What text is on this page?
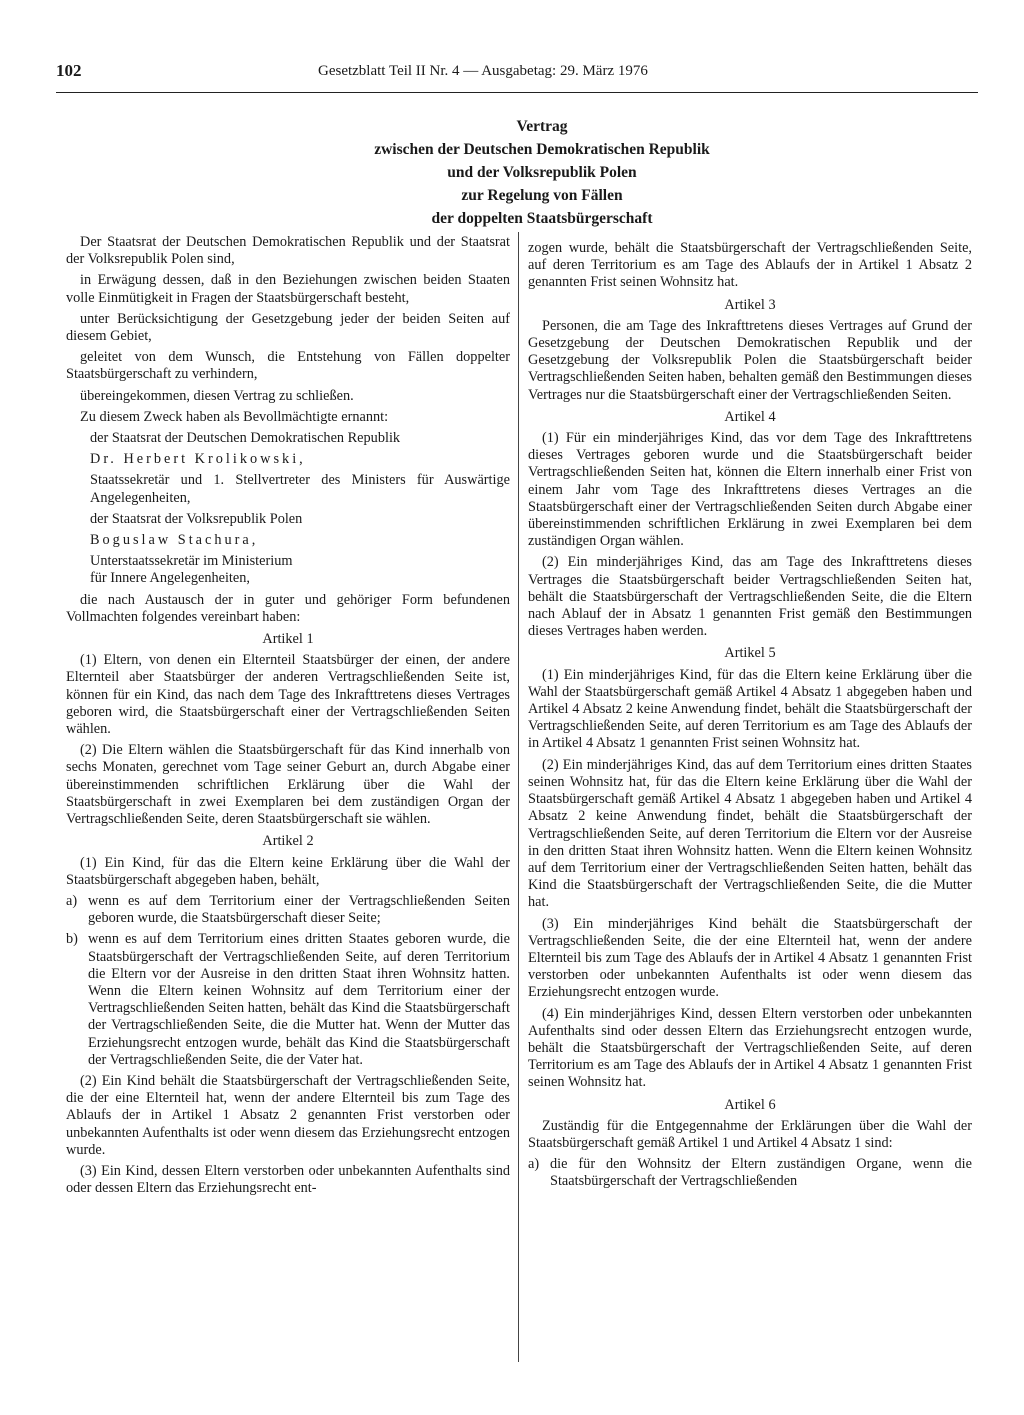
102	Gesetzblatt Teil II Nr. 4 — Ausgabetag: 29. März 1976

Vertrag
zwischen der Deutschen Demokratischen Republik
und der Volksrepublik Polen
zur Regelung von Fällen
der doppelten Staatsbürgerschaft

Der Staatsrat der Deutschen Demokratischen Republik und der Staatsrat der Volksrepublik Polen sind,

in Erwägung dessen, daß in den Beziehungen zwischen beiden Staaten volle Einmütigkeit in Fragen der Staatsbürgerschaft besteht,

unter Berücksichtigung der Gesetzgebung jeder der beiden Seiten auf diesem Gebiet,

geleitet von dem Wunsch, die Entstehung von Fällen doppelter Staatsbürgerschaft zu verhindern,

übereingekommen, diesen Vertrag zu schließen.

Zu diesem Zweck haben als Bevollmächtigte ernannt:

der Staatsrat der Deutschen Demokratischen Republik

Dr. Herbert Krolikowski,

Staatssekretär und 1. Stellvertreter des Ministers für Auswärtige Angelegenheiten,

der Staatsrat der Volksrepublik Polen

Boguslaw Stachura,

Unterstaatssekretär im Ministerium

für Innere Angelegenheiten,

die nach Austausch der in guter und gehöriger Form befundenen Vollmachten folgendes vereinbart haben:

Artikel 1

(1) Eltern, von denen ein Elternteil Staatsbürger der einen, der andere Elternteil aber Staatsbürger der anderen Vertragschließenden Seite ist, können für ein Kind, das nach dem Tage des Inkrafttretens dieses Vertrages geboren wird, die Staatsbürgerschaft einer der Vertragschließenden Seiten wählen.

(2) Die Eltern wählen die Staatsbürgerschaft für das Kind innerhalb von sechs Monaten, gerechnet vom Tage seiner Geburt an, durch Abgabe einer übereinstimmenden schriftlichen Erklärung über die Wahl der Staatsbürgerschaft in zwei Exemplaren bei dem zuständigen Organ der Vertragschließenden Seite, deren Staatsbürgerschaft sie wählen.

Artikel 2

(1) Ein Kind, für das die Eltern keine Erklärung über die Wahl der Staatsbürgerschaft abgegeben haben, behält,

a) wenn es auf dem Territorium einer der Vertragschließenden Seiten geboren wurde, die Staatsbürgerschaft dieser Seite;
b) wenn es auf dem Territorium eines dritten Staates geboren wurde, die Staatsbürgerschaft der Vertragschließenden Seite, auf deren Territorium die Eltern vor der Ausreise in den dritten Staat ihren Wohnsitz hatten. Wenn die Eltern keinen Wohnsitz auf dem Territorium einer der Vertragschließenden Seiten hatten, behält das Kind die Staatsbürgerschaft der Vertragschließenden Seite, die die Mutter hat. Wenn der Mutter das Erziehungsrecht entzogen wurde, behält das Kind die Staatsbürgerschaft der Vertragschließenden Seite, die der Vater hat.

(2) Ein Kind behält die Staatsbürgerschaft der Vertragschließenden Seite, die der eine Elternteil hat, wenn der andere Elternteil bis zum Tage des Ablaufs der in Artikel 1 Absatz 2 genannten Frist verstorben oder unbekannten Aufenthalts ist oder wenn diesem das Erziehungsrecht entzogen wurde.

(3) Ein Kind, dessen Eltern verstorben oder unbekannten Aufenthalts sind oder dessen Eltern das Erziehungsrecht ent-

zogen wurde, behält die Staatsbürgerschaft der Vertragschließenden Seite, auf deren Territorium es am Tage des Ablaufs der in Artikel 1 Absatz 2 genannten Frist seinen Wohnsitz hat.

Artikel 3

Personen, die am Tage des Inkrafttretens dieses Vertrages auf Grund der Gesetzgebung der Deutschen Demokratischen Republik und der Gesetzgebung der Volksrepublik Polen die Staatsbürgerschaft beider Vertragschließenden Seiten haben, behalten gemäß den Bestimmungen dieses Vertrages nur die Staatsbürgerschaft einer der Vertragschließenden Seiten.

Artikel 4

(1) Für ein minderjähriges Kind, das vor dem Tage des Inkrafttretens dieses Vertrages geboren wurde und die Staatsbürgerschaft beider Vertragschließenden Seiten hat, können die Eltern innerhalb einer Frist von einem Jahr vom Tage des Inkrafttretens dieses Vertrages an die Staatsbürgerschaft einer der Vertragschließenden Seiten durch Abgabe einer übereinstimmenden schriftlichen Erklärung in zwei Exemplaren bei dem zuständigen Organ wählen.

(2) Ein minderjähriges Kind, das am Tage des Inkrafttretens dieses Vertrages die Staatsbürgerschaft beider Vertragschließenden Seiten hat, behält die Staatsbürgerschaft der Vertragschließenden Seite, die die Eltern nach Ablauf der in Absatz 1 genannten Frist gemäß den Bestimmungen dieses Vertrages haben werden.

Artikel 5

(1) Ein minderjähriges Kind, für das die Eltern keine Erklärung über die Wahl der Staatsbürgerschaft gemäß Artikel 4 Absatz 1 abgegeben haben und Artikel 4 Absatz 2 keine Anwendung findet, behält die Staatsbürgerschaft der Vertragschließenden Seite, auf deren Territorium es am Tage des Ablaufs der in Artikel 4 Absatz 1 genannten Frist seinen Wohnsitz hat.

(2) Ein minderjähriges Kind, das auf dem Territorium eines dritten Staates seinen Wohnsitz hat, für das die Eltern keine Erklärung über die Wahl der Staatsbürgerschaft gemäß Artikel 4 Absatz 1 abgegeben haben und Artikel 4 Absatz 2 keine Anwendung findet, behält die Staatsbürgerschaft der Vertragschließenden Seite, auf deren Territorium die Eltern vor der Ausreise in den dritten Staat ihren Wohnsitz hatten. Wenn die Eltern keinen Wohnsitz auf dem Territorium einer der Vertragschließenden Seiten hatten, behält das Kind die Staatsbürgerschaft der Vertragschließenden Seite, die die Mutter hat.

(3) Ein minderjähriges Kind behält die Staatsbürgerschaft der Vertragschließenden Seite, die der eine Elternteil hat, wenn der andere Elternteil bis zum Tage des Ablaufs der in Artikel 4 Absatz 1 genannten Frist verstorben oder unbekannten Aufenthalts ist oder wenn diesem das Erziehungsrecht entzogen wurde.

(4) Ein minderjähriges Kind, dessen Eltern verstorben oder unbekannten Aufenthalts sind oder dessen Eltern das Erziehungsrecht entzogen wurde, behält die Staatsbürgerschaft der Vertragschließenden Seite, auf deren Territorium es am Tage des Ablaufs der in Artikel 4 Absatz 1 genannten Frist seinen Wohnsitz hat.

Artikel 6

Zuständig für die Entgegennahme der Erklärungen über die Wahl der Staatsbürgerschaft gemäß Artikel 1 und Artikel 4 Absatz 1 sind:

a) die für den Wohnsitz der Eltern zuständigen Organe, wenn die Staatsbürgerschaft der Vertragschließenden
